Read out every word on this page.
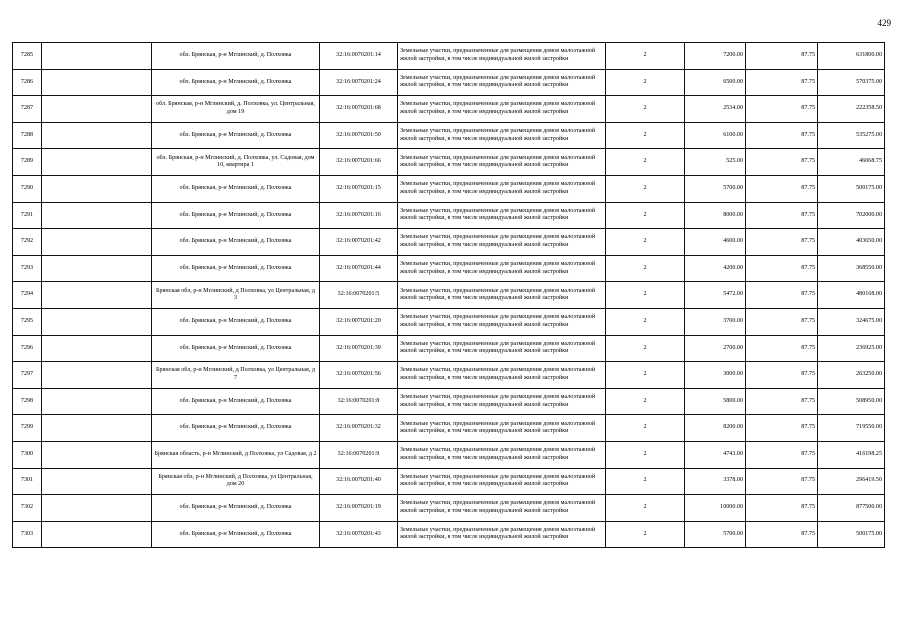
429
7285		обл. Брянская, р-н Мглинский, д. Полховка	32:16:0070201:14	Земельные участки, предназначенные для размещения домов малоэтажной жилой застройки, в том числе индивидуальной жилой застройки	2	7200.00	87.75	631800.00
7286		обл. Брянская, р-н Мглинский, д. Полховка	32:16:0070201:24	Земельные участки, предназначенные для размещения домов малоэтажной жилой застройки, в том числе индивидуальной жилой застройки	2	6500.00	87.75	570375.00
7287		обл. Брянская, р-н Мглинский, д. Полховка, ул. Центральная, дом 19	32:16:0070201:68	Земельные участки, предназначенные для размещения домов малоэтажной жилой застройки, в том числе индивидуальной жилой застройки	2	2534.00	87.75	222358.50
7288		обл. Брянская, р-н Мглинский, д. Полховка	32:16:0070201:50	Земельные участки, предназначенные для размещения домов малоэтажной жилой застройки, в том числе индивидуальной жилой застройки	2	6100.00	87.75	535275.00
7289		обл. Брянская, р-н Мглинский, д. Полховка, ул. Садовая, дом 10, квартира 1	32:16:0070201:66	Земельные участки, предназначенные для размещения домов малоэтажной жилой застройки, в том числе индивидуальной жилой застройки	2	525.00	87.75	46068.75
7290		обл. Брянская, р-н Мглинский, д. Полховка	32:16:0070201:15	Земельные участки, предназначенные для размещения домов малоэтажной жилой застройки, в том числе индивидуальной жилой застройки	2	5700.00	87.75	500175.00
7291		обл. Брянская, р-н Мглинский, д. Полховка	32:16:0070201:16	Земельные участки, предназначенные для размещения домов малоэтажной жилой застройки, в том числе индивидуальной жилой застройки	2	8000.00	87.75	702000.00
7292		обл. Брянская, р-н Мглинский, д. Полховка	32:16:0070201:42	Земельные участки, предназначенные для размещения домов малоэтажной жилой застройки, в том числе индивидуальной жилой застройки	2	4600.00	87.75	403650.00
7293		обл. Брянская, р-н Мглинский, д. Полховка	32:16:0070201:44	Земельные участки, предназначенные для размещения домов малоэтажной жилой застройки, в том числе индивидуальной жилой застройки	2	4200.00	87.75	368550.00
7294		Брянская обл, р-н Мглинский, д Полховка, ул Центральная, д 3	32:16:0070201:5	Земельные участки, предназначенные для размещения домов малоэтажной жилой застройки, в том числе индивидуальной жилой застройки	2	5472.00	87.75	480168.00
7295		обл. Брянская, р-н Мглинский, д. Полховка	32:16:0070201:20	Земельные участки, предназначенные для размещения домов малоэтажной жилой застройки, в том числе индивидуальной жилой застройки	2	3700.00	87.75	324675.00
7296		обл. Брянская, р-н Мглинский, д. Полховка	32:16:0070201:39	Земельные участки, предназначенные для размещения домов малоэтажной жилой застройки, в том числе индивидуальной жилой застройки	2	2700.00	87.75	236925.00
7297		Брянская обл, р-н Мглинский, д Полховка, ул Центральная, д 7	32:16:0070201:56	Земельные участки, предназначенные для размещения домов малоэтажной жилой застройки, в том числе индивидуальной жилой застройки	2	3000.00	87.75	263250.00
7298		обл. Брянская, р-н Мглинский, д. Полховка	32:16:0070201:8	Земельные участки, предназначенные для размещения домов малоэтажной жилой застройки, в том числе индивидуальной жилой застройки	2	5800.00	87.75	508950.00
7299		обл. Брянская, р-н Мглинский, д. Полховка	32:16:0070201:32	Земельные участки, предназначенные для размещения домов малоэтажной жилой застройки, в том числе индивидуальной жилой застройки	2	8200.00	87.75	719550.00
7300		Брянская область, р-н Мглинский, д Полховка, ул Садовая, д 2	32:16:0070201:9	Земельные участки, предназначенные для размещения домов малоэтажной жилой застройки, в том числе индивидуальной жилой застройки	2	4743.00	87.75	416198.25
7301		Брянская обл, р-н Мглинский, д Полховка, ул Центральная, дом 20	32:16:0070201:40	Земельные участки, предназначенные для размещения домов малоэтажной жилой застройки, в том числе индивидуальной жилой застройки	2	3378.00	87.75	296419.50
7302		обл. Брянская, р-н Мглинский, д. Полховка	32:16:0070201:19	Земельные участки, предназначенные для размещения домов малоэтажной жилой застройки, в том числе индивидуальной жилой застройки	2	10000.00	87.75	877500.00
7303		обл. Брянская, р-н Мглинский, д. Полховка	32:16:0070201:43	Земельные участки, предназначенные для размещения домов малоэтажной жилой застройки, в том числе индивидуальной жилой застройки	2	5700.00	87.75	500175.00
